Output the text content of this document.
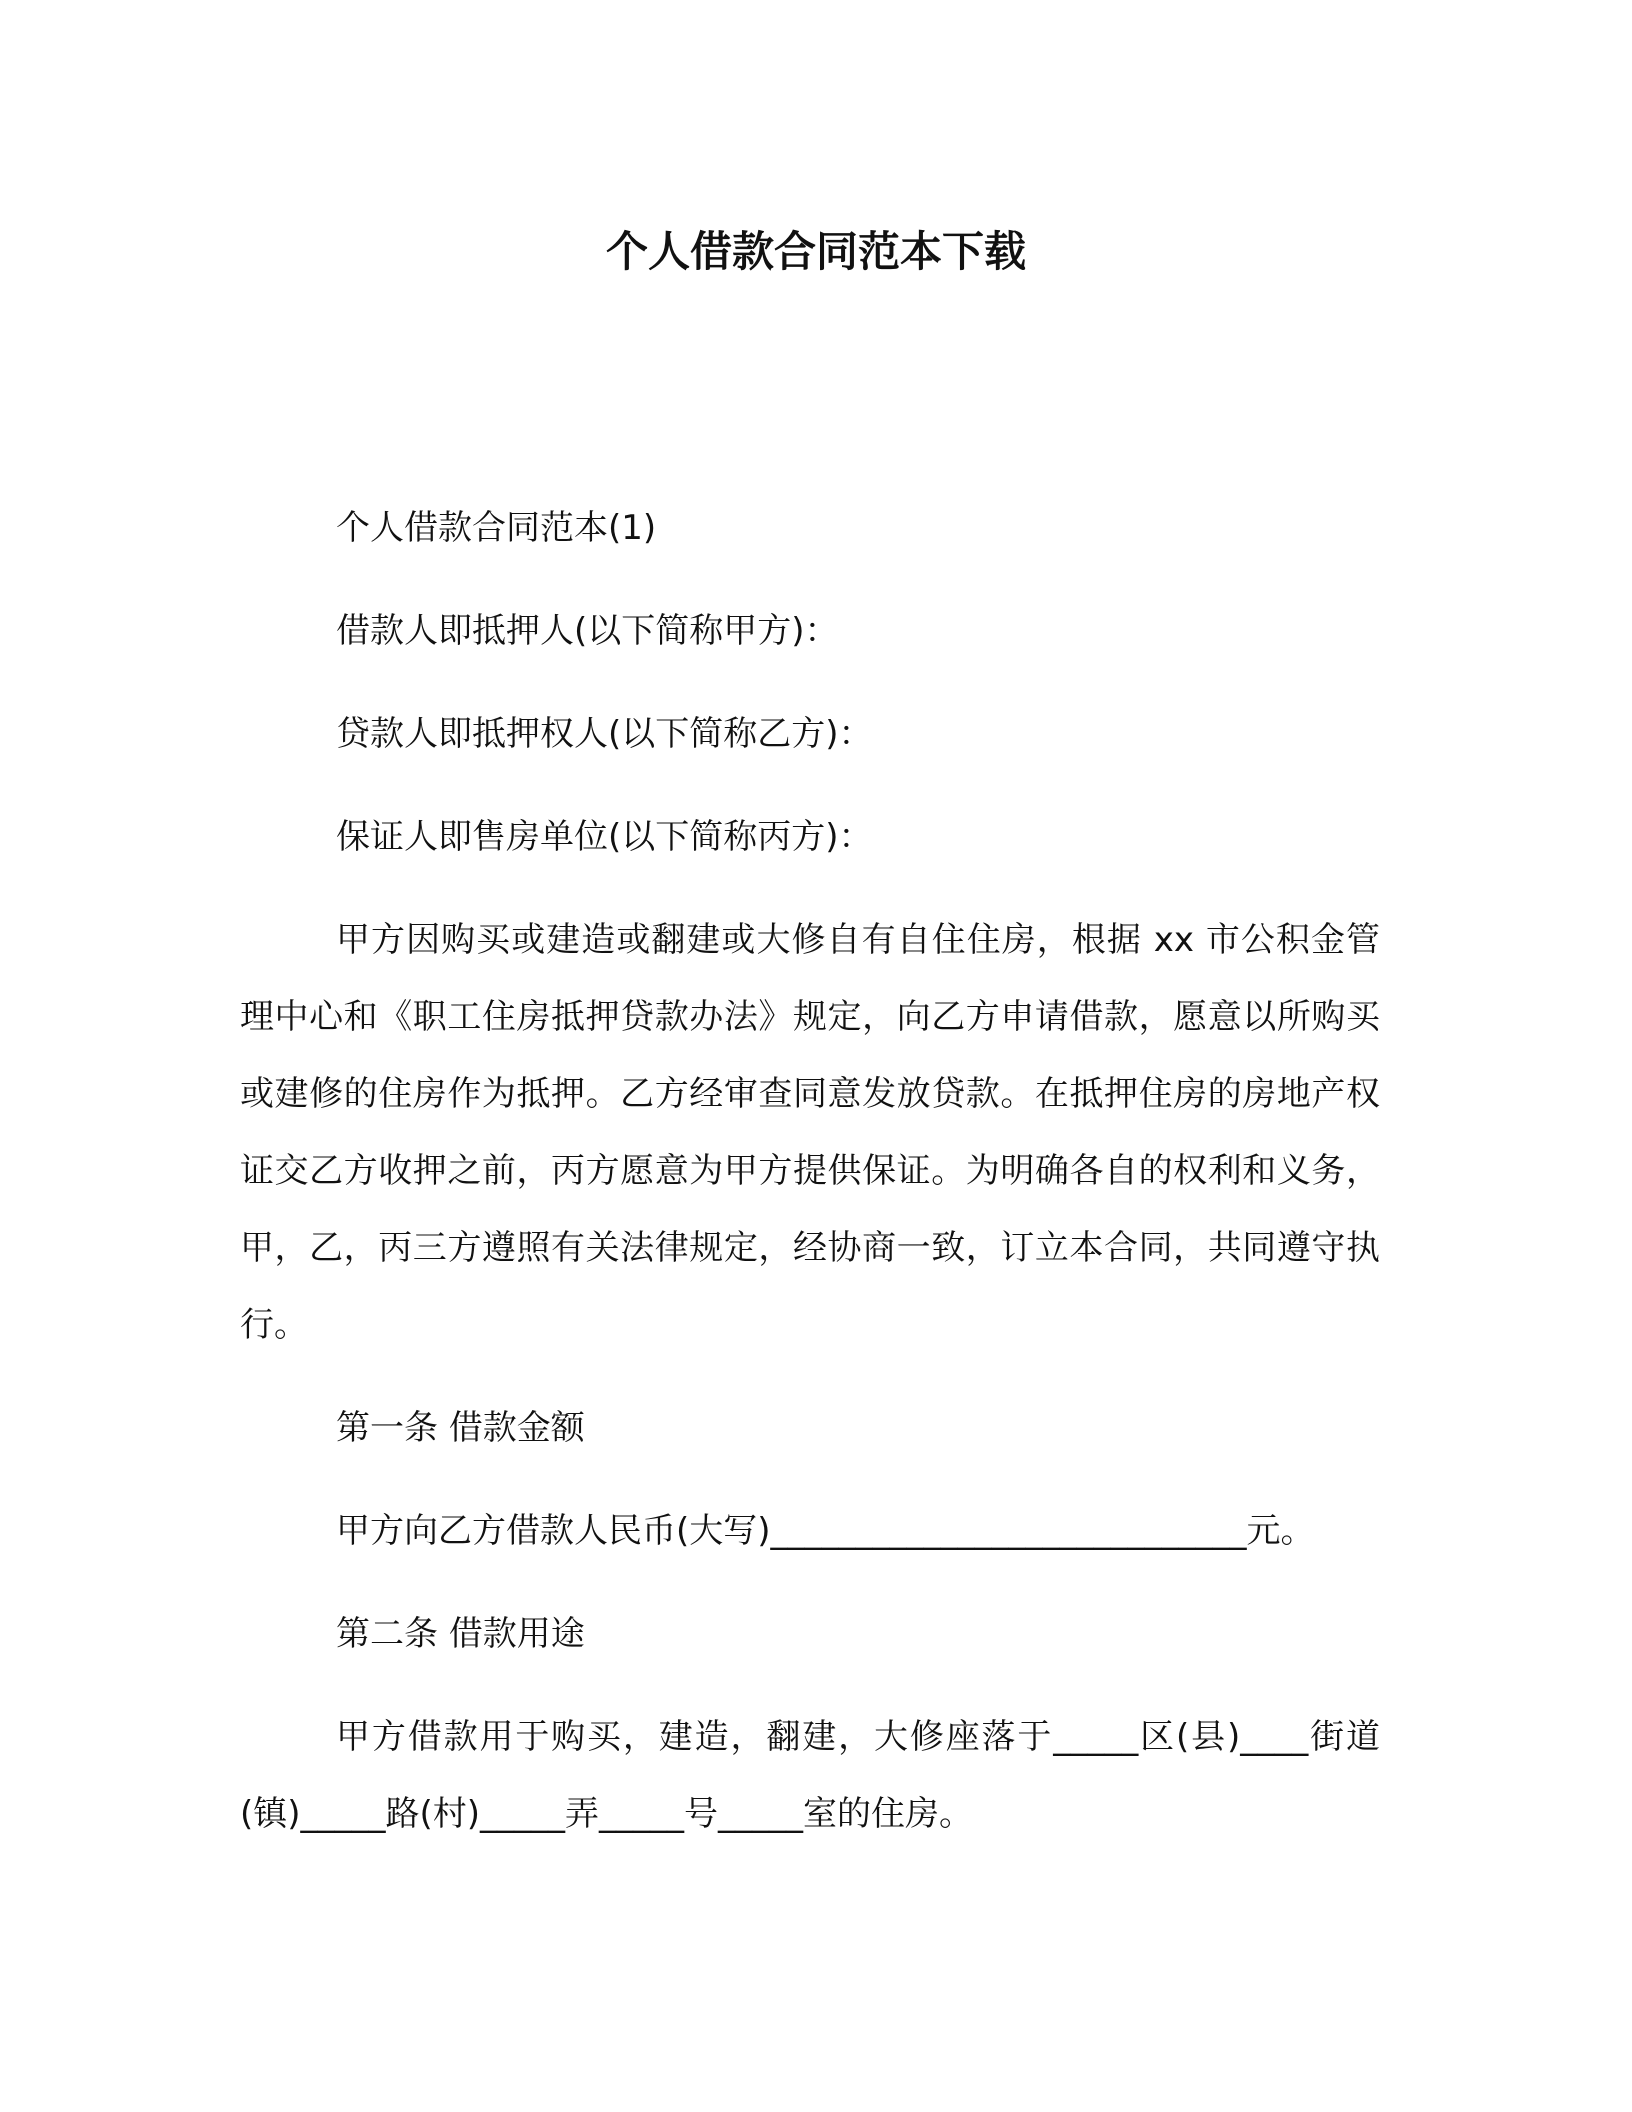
个人借款合同范本下载

个人借款合同范本(1)

借款人即抵押人(以下简称甲方)：

贷款人即抵押权人(以下简称乙方)：

保证人即售房单位(以下简称丙方)：

甲方因购买或建造或翻建或大修自有自住住房，根据 xx 市公积金管理中心和《职工住房抵押贷款办法》规定，向乙方申请借款，愿意以所购买或建修的住房作为抵押。乙方经审查同意发放贷款。在抵押住房的房地产权证交乙方收押之前，丙方愿意为甲方提供保证。为明确各自的权利和义务，甲，乙，丙三方遵照有关法律规定，经协商一致，订立本合同，共同遵守执行。

第一条 借款金额

甲方向乙方借款人民币(大写)____________________________元。

第二条 借款用途

甲方借款用于购买，建造，翻建，大修座落于_____区(县)____街道(镇)_____路(村)_____弄_____号_____室的住房。
